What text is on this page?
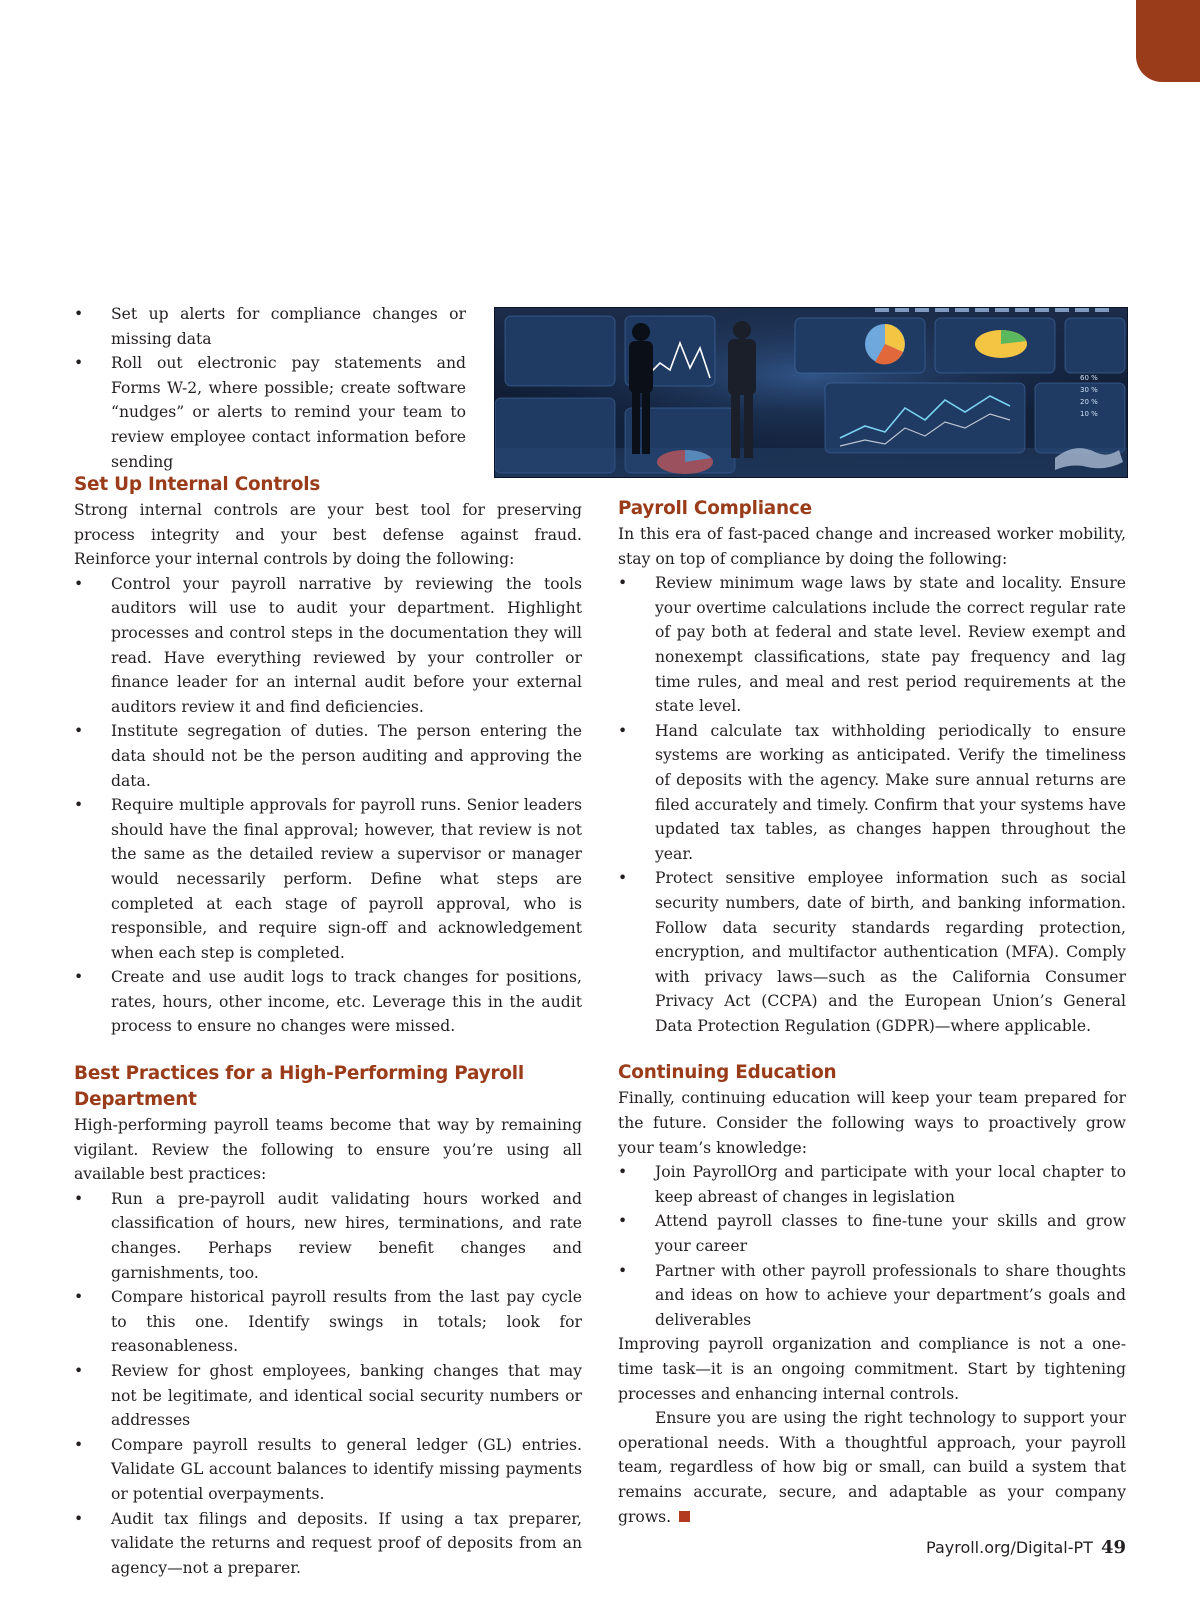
• Set up alerts for compliance changes or missing data
• Roll out electronic pay statements and Forms W-2, where possible; create software “nudges” or alerts to remind your team to review employee contact information before sending
60 %
30 %
20 %
10 %
Set Up Internal Controls

Strong internal controls are your best tool for preserving process integrity and your best defense against fraud. Reinforce your internal controls by doing the following:

• Control your payroll narrative by reviewing the tools auditors will use to audit your department. Highlight processes and control steps in the documentation they will read. Have everything reviewed by your controller or finance leader for an internal audit before your external auditors review it and find deficiencies.
• Institute segregation of duties. The person entering the data should not be the person auditing and approving the data.
• Require multiple approvals for payroll runs. Senior leaders should have the final approval; however, that review is not the same as the detailed review a supervisor or manager would necessarily perform. Define what steps are completed at each stage of payroll approval, who is responsible, and require sign-off and acknowledgement when each step is completed.
• Create and use audit logs to track changes for positions, rates, hours, other income, etc. Leverage this in the audit process to ensure no changes were missed.
Best Practices for a High-Performing Payroll Department

High-performing payroll teams become that way by remaining vigilant. Review the following to ensure you’re using all available best practices:

• Run a pre-payroll audit validating hours worked and classification of hours, new hires, terminations, and rate changes. Perhaps review benefit changes and garnishments, too.
• Compare historical payroll results from the last pay cycle to this one. Identify swings in totals; look for reasonableness.
• Review for ghost employees, banking changes that may not be legitimate, and identical social security numbers or addresses
• Compare payroll results to general ledger (GL) entries. Validate GL account balances to identify missing payments or potential overpayments.
• Audit tax filings and deposits. If using a tax preparer, validate the returns and request proof of deposits from an agency—not a preparer.
Payroll Compliance

In this era of fast-paced change and increased worker mobility, stay on top of compliance by doing the following:

• Review minimum wage laws by state and locality. Ensure your overtime calculations include the correct regular rate of pay both at federal and state level. Review exempt and nonexempt classifications, state pay frequency and lag time rules, and meal and rest period requirements at the state level.
• Hand calculate tax withholding periodically to ensure systems are working as anticipated. Verify the timeliness of deposits with the agency. Make sure annual returns are filed accurately and timely. Confirm that your systems have updated tax tables, as changes happen throughout the year.
• Protect sensitive employee information such as social security numbers, date of birth, and banking information. Follow data security standards regarding protection, encryption, and multifactor authentication (MFA). Comply with privacy laws—such as the California Consumer Privacy Act (CCPA) and the European Union’s General Data Protection Regulation (GDPR)—where applicable.
Continuing Education

Finally, continuing education will keep your team prepared for the future. Consider the following ways to proactively grow your team’s knowledge:

• Join PayrollOrg and participate with your local chapter to keep abreast of changes in legislation
• Attend payroll classes to fine-tune your skills and grow your career
• Partner with other payroll professionals to share thoughts and ideas on how to achieve your department’s goals and deliverables

Improving payroll organization and compliance is not a one-time task—it is an ongoing commitment. Start by tightening processes and enhancing internal controls.

Ensure you are using the right technology to support your operational needs. With a thoughtful approach, your payroll team, regardless of how big or small, can build a system that remains accurate, secure, and adaptable as your company grows.

Payroll.org/Digital-PT 49
